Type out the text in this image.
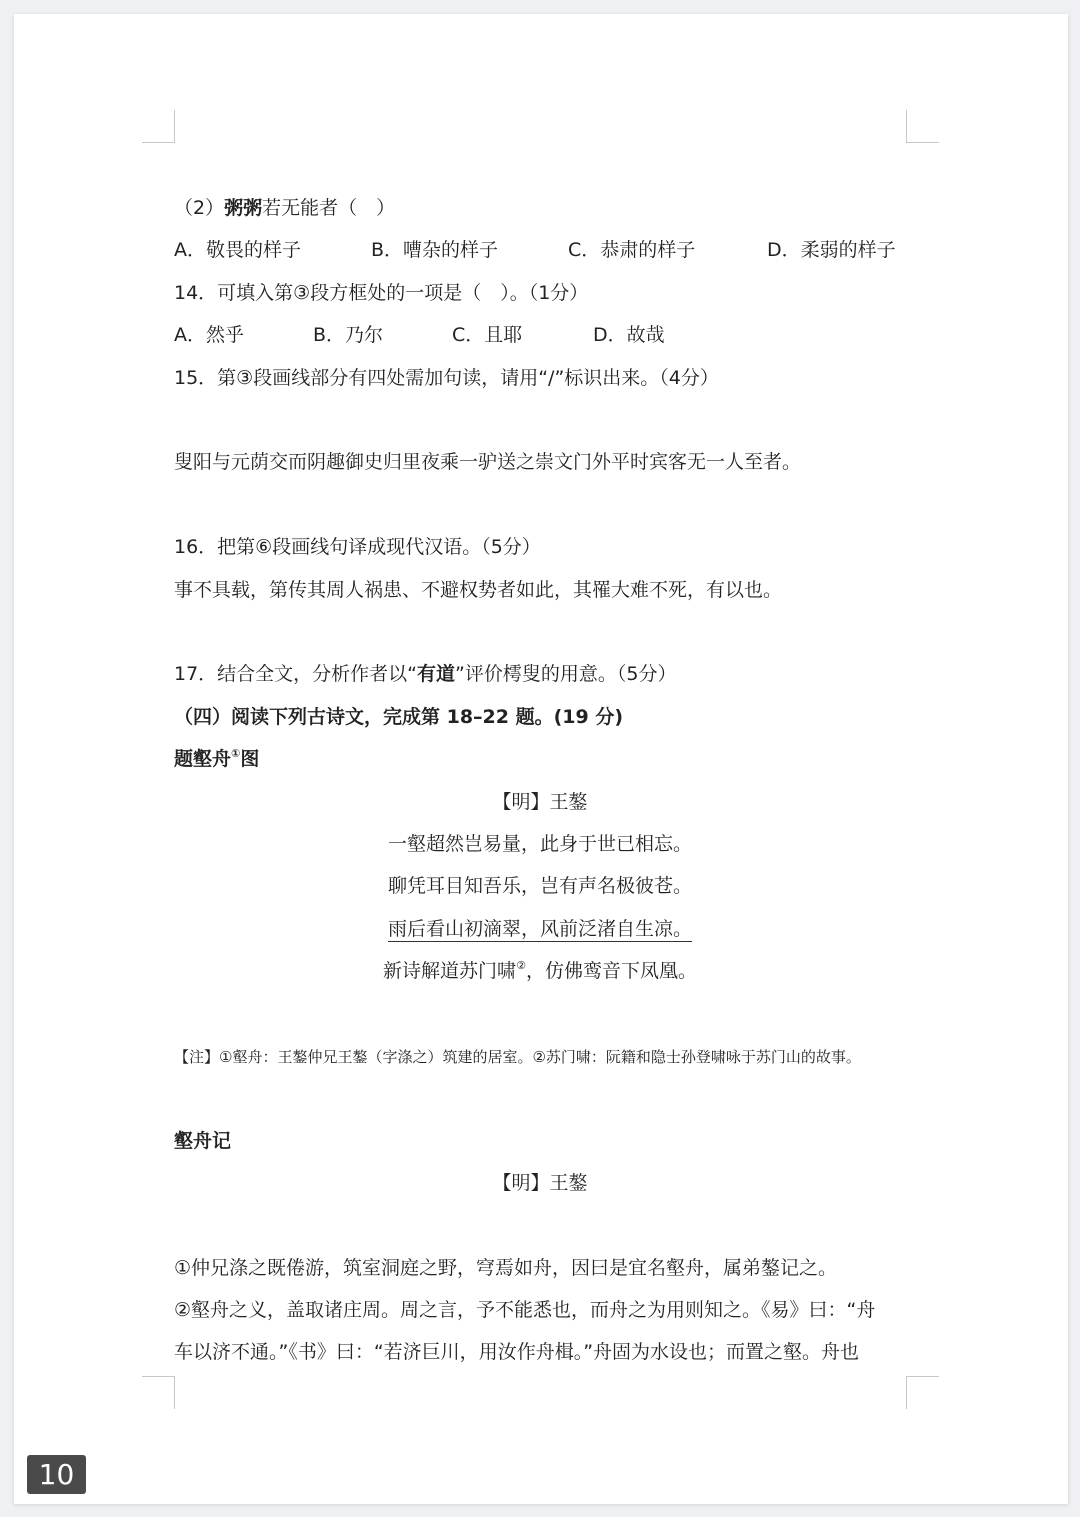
（2）粥粥若无能者（　）
A．敬畏的样子	B．嘈杂的样子	C．恭肃的样子	D．柔弱的样子
14．可填入第③段方框处的一项是（　）。（1分）
A．然乎	B．乃尔	C．且耶	D．故哉
15．第③段画线部分有四处需加句读，请用“/”标识出来。（4分）
叟阳与元荫交而阴趣御史归里夜乘一驴送之崇文门外平时宾客无一人至者。
16．把第⑥段画线句译成现代汉语。（5分）
事不具载，第传其周人祸患、不避权势者如此，其罹大难不死，有以也。
17．结合全文，分析作者以“有道”评价樗叟的用意。（5分）
（四）阅读下列古诗文，完成第 18–22 题。(19 分)
题壑舟①图
【明】王鏊
一壑超然岂易量，此身于世已相忘。
聊凭耳目知吾乐，岂有声名极彼苍。
雨后看山初滴翠，风前泛渚自生凉。
新诗解道苏门啸②，仿佛鸾音下凤凰。
【注】①壑舟：王鏊仲兄王鏊（字涤之）筑建的居室。②苏门啸：阮籍和隐士孙登啸咏于苏门山的故事。
壑舟记
【明】王鏊
①仲兄涤之既倦游，筑室洞庭之野，穹焉如舟，因曰是宜名壑舟，属弟鏊记之。
②壑舟之义，盖取诸庄周。周之言，予不能悉也，而舟之为用则知之。《易》曰：“舟
车以济不通。”《书》曰：“若济巨川，用汝作舟楫。”舟固为水设也；而置之壑。舟也
10
